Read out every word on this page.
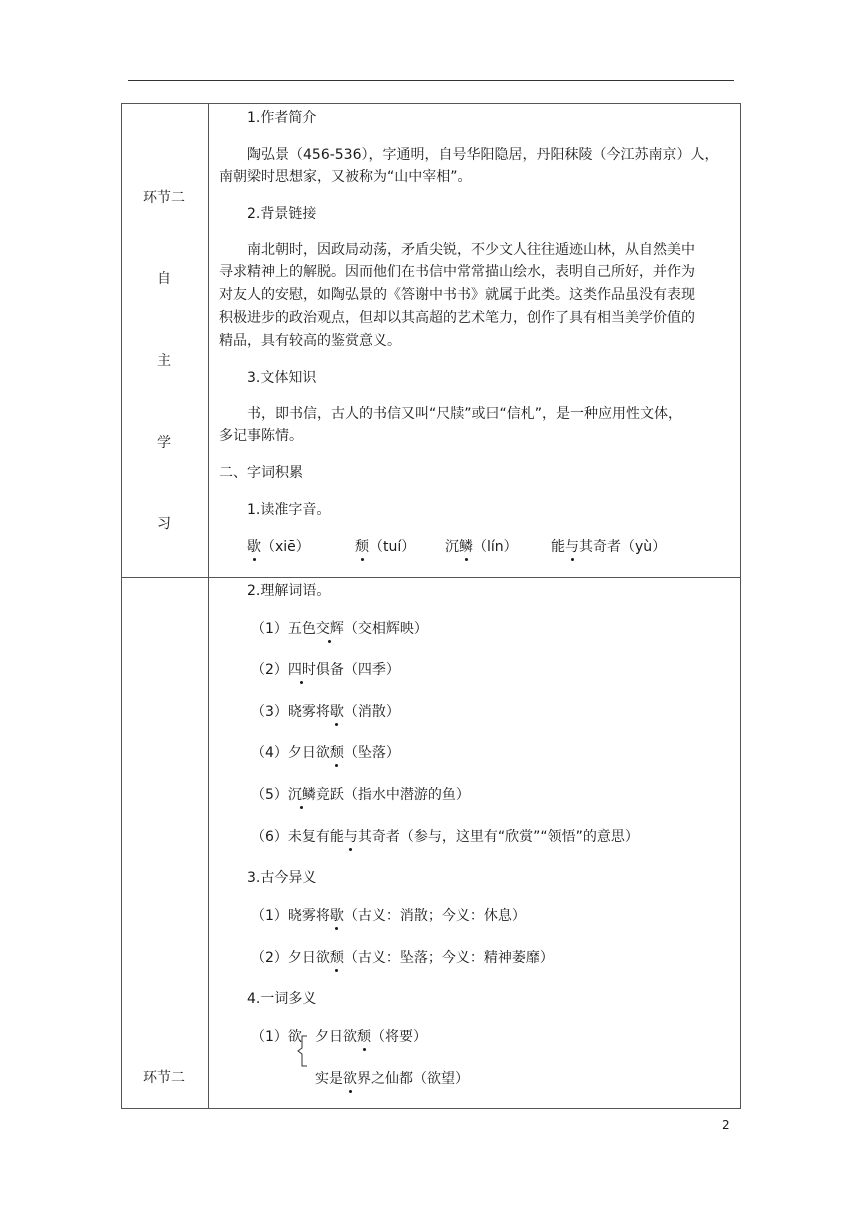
环节二
自
主
学
习
环节二
1.作者简介
陶弘景（456-536），字通明，自号华阳隐居，丹阳秣陵（今江苏南京）人，
南朝梁时思想家，又被称为“山中宰相”。
2.背景链接
南北朝时，因政局动荡，矛盾尖锐，不少文人往往遁迹山林，从自然美中
寻求精神上的解脱。因而他们在书信中常常描山绘水，表明自己所好，并作为
对友人的安慰，如陶弘景的《答谢中书书》就属于此类。这类作品虽没有表现
积极进步的政治观点，但却以其高超的艺术笔力，创作了具有相当美学价值的
精品，具有较高的鉴赏意义。
3.文体知识
书，即书信，古人的书信又叫“尺牍”或曰“信札”，是一种应用性文体，
多记事陈情。
二、字词积累
1.读准字音。
歇（xiē）	颓（tuí） 沉鳞（lín） 能与其奇者（yù）
2.理解词语。
（1）五色交辉（交相辉映）
（2）四时俱备（四季）
（3）晓雾将歇（消散）
（4）夕日欲颓（坠落）
（5）沉鳞竞跃（指水中潜游的鱼）
（6）未复有能与其奇者（参与，这里有“欣赏”“领悟”的意思）
3.古今异义
（1）晓雾将歇（古义：消散；今义：休息）
（2）夕日欲颓（古义：坠落；今义：精神萎靡）
4.一词多义
（1）欲 夕日欲颓（将要）
实是欲界之仙都（欲望）
2
